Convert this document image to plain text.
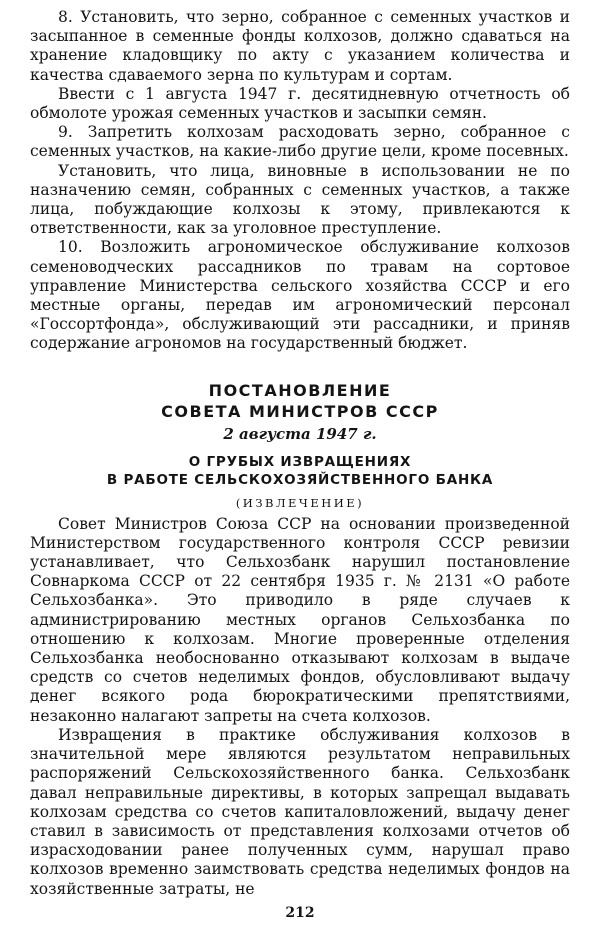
8. Установить, что зерно, собранное с семенных участков и засыпанное в семенные фонды колхозов, должно сдаваться на хранение кладовщику по акту с указанием количества и качества сдаваемого зерна по культурам и сортам.

Ввести с 1 августа 1947 г. десятидневную отчетность об обмолоте урожая семенных участков и засыпки семян.

9. Запретить колхозам расходовать зерно, собранное с семенных участков, на какие-либо другие цели, кроме посевных.

Установить, что лица, виновные в использовании не по назначению семян, собранных с семенных участков, а также лица, побуждающие колхозы к этому, привлекаются к ответственности, как за уголовное преступление.

10. Возложить агрономическое обслуживание колхозов семеноводческих рассадников по травам на сортовое управление Министерства сельского хозяйства СССР и его местные органы, передав им агрономический персонал «Госсортфонда», обслуживающий эти рассадники, и приняв содержание агрономов на государственный бюджет.

ПОСТАНОВЛЕНИЕ
СОВЕТА МИНИСТРОВ СССР
2 августа 1947 г.
О ГРУБЫХ ИЗВРАЩЕНИЯХ
В РАБОТЕ СЕЛЬСКОХОЗЯЙСТВЕННОГО БАНКА
(ИЗВЛЕЧЕНИЕ)

Совет Министров Союза ССР на основании произведенной Министерством государственного контроля СССР ревизии устанавливает, что Сельхозбанк нарушил постановление Совнаркома СССР от 22 сентября 1935 г. № 2131 «О работе Сельхозбанка». Это приводило в ряде случаев к администрированию местных органов Сельхозбанка по отношению к колхозам. Многие проверенные отделения Сельхозбанка необоснованно отказывают колхозам в выдаче средств со счетов неделимых фондов, обусловливают выдачу денег всякого рода бюрократическими препятствиями, незаконно налагают запреты на счета колхозов.

Извращения в практике обслуживания колхозов в значительной мере являются результатом неправильных распоряжений Сельскохозяйственного банка. Сельхозбанк давал неправильные директивы, в которых запрещал выдавать колхозам средства со счетов капиталовложений, выдачу денег ставил в зависимость от представления колхозами отчетов об израсходовании ранее полученных сумм, нарушал право колхозов временно заимствовать средства неделимых фондов на хозяйственные затраты, не

212
